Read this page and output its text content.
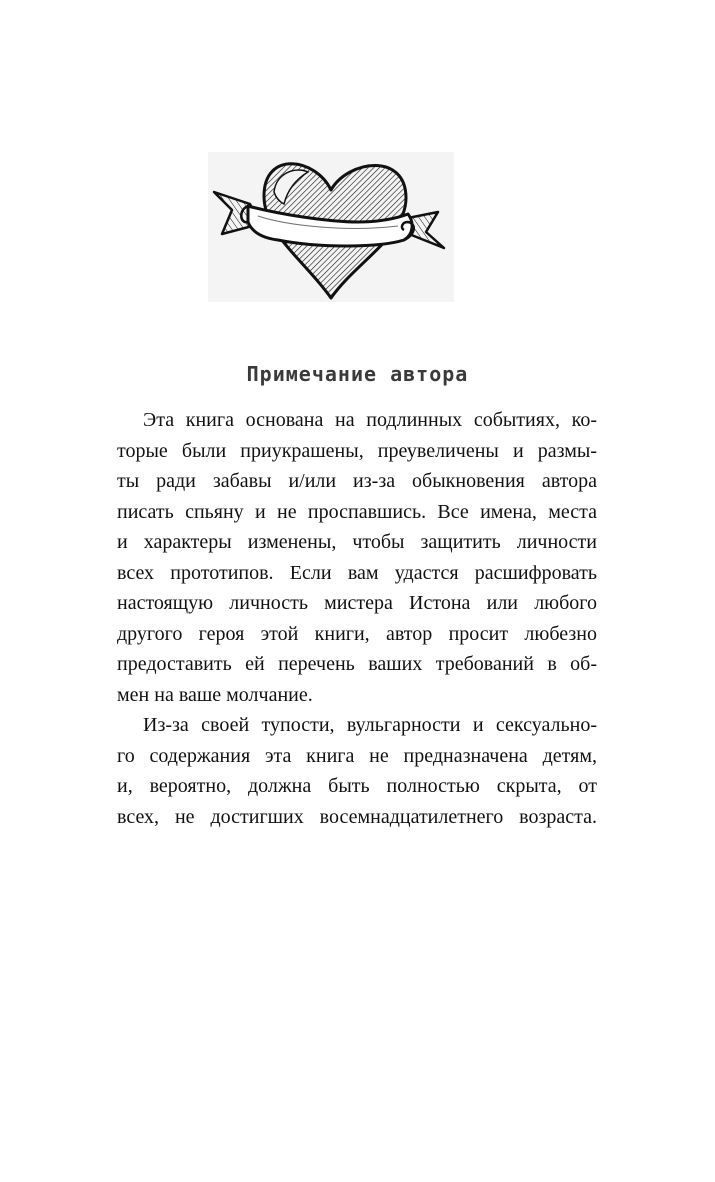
Примечание автора
Эта книга основана на подлинных событиях, ко-
торые были приукрашены, преувеличены и размы-
ты ради забавы и/или из-за обыкновения автора
писать спьяну и не проспавшись. Все имена, места
и характеры изменены, чтобы защитить личности
всех прототипов. Если вам удастся расшифровать
настоящую личность мистера Истона или любого
другого героя этой книги, автор просит любезно
предоставить ей перечень ваших требований в об-
мен на ваше молчание.
Из-за своей тупости, вульгарности и сексуально-
го содержания эта книга не предназначена детям,
и, вероятно, должна быть полностью скрыта, от
всех, не достигших восемнадцатилетнего возраста.
